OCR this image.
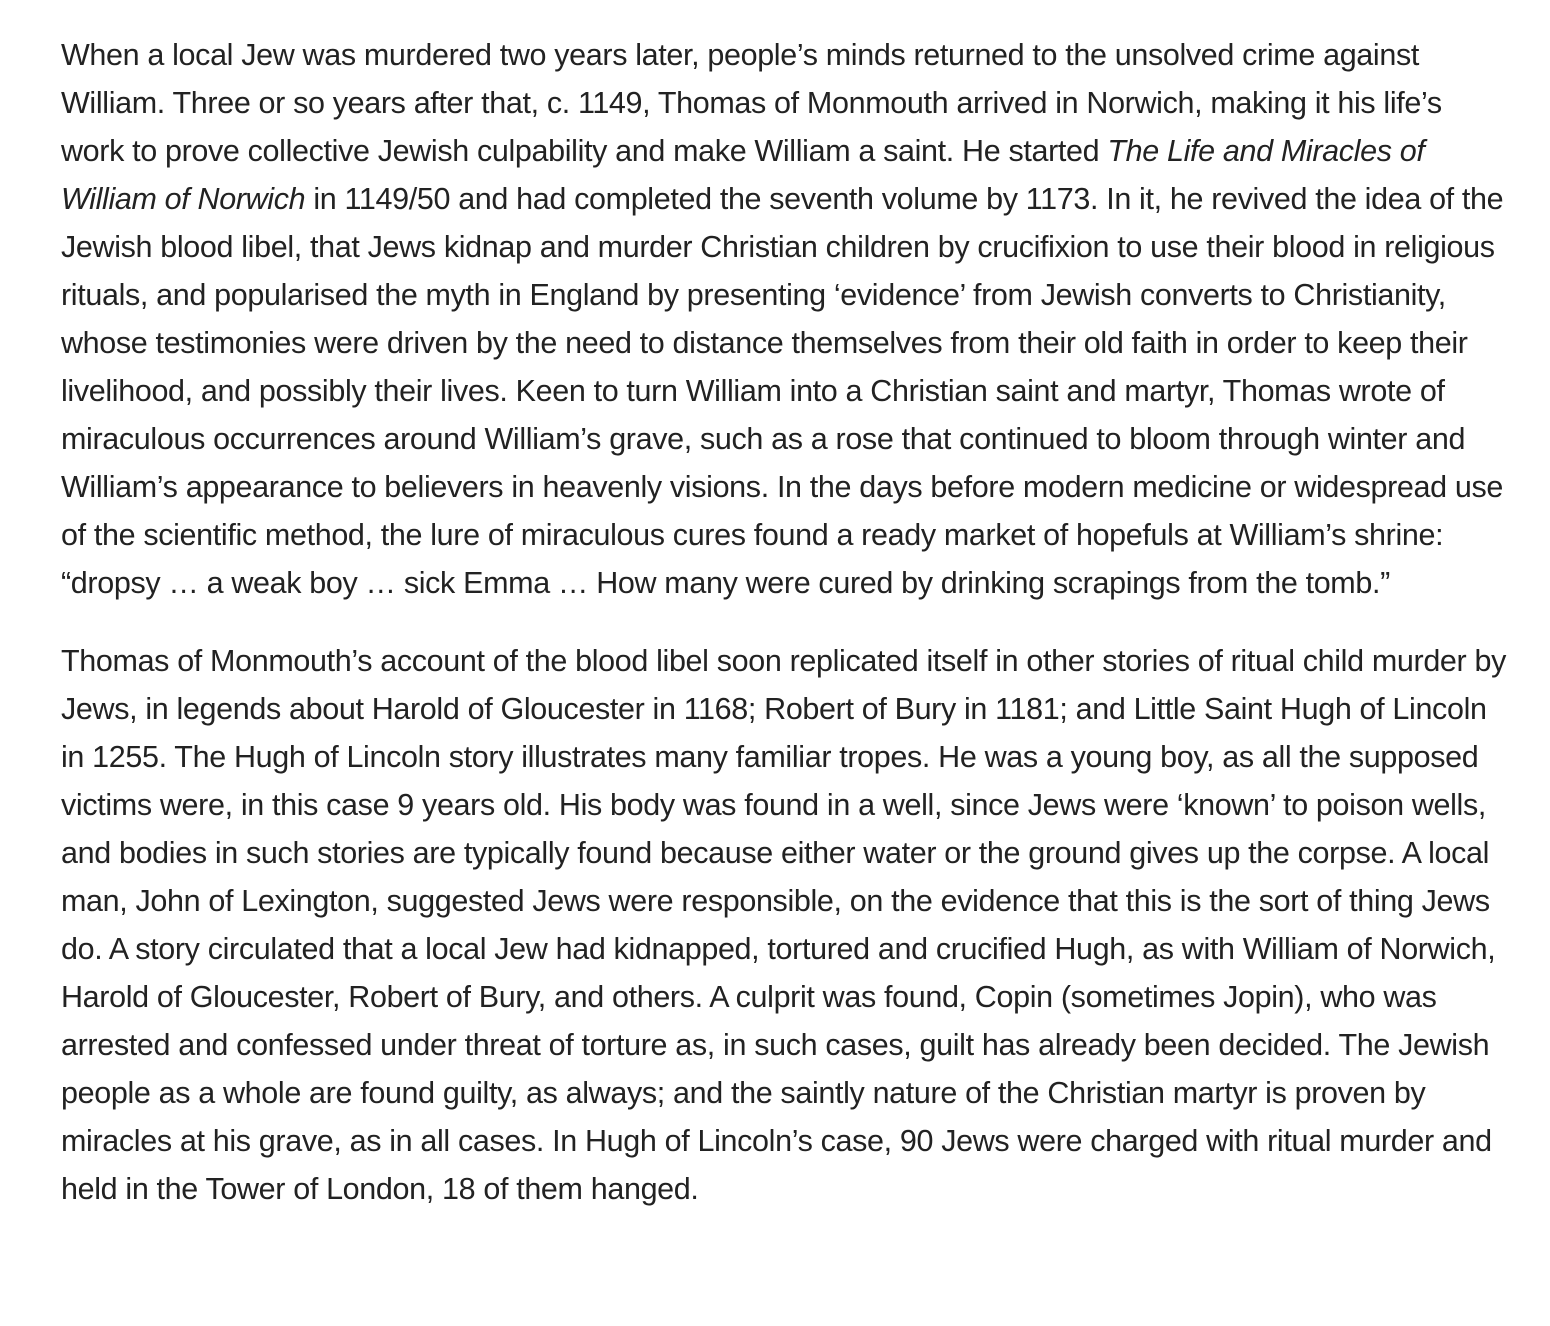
When a local Jew was murdered two years later, people’s minds returned to the unsolved crime against William. Three or so years after that, c. 1149, Thomas of Monmouth arrived in Norwich, making it his life’s work to prove collective Jewish culpability and make William a saint. He started The Life and Miracles of William of Norwich in 1149/50 and had completed the seventh volume by 1173. In it, he revived the idea of the Jewish blood libel, that Jews kidnap and murder Christian children by crucifixion to use their blood in religious rituals, and popularised the myth in England by presenting ‘evidence’ from Jewish converts to Christianity, whose testimonies were driven by the need to distance themselves from their old faith in order to keep their livelihood, and possibly their lives. Keen to turn William into a Christian saint and martyr, Thomas wrote of miraculous occurrences around William’s grave, such as a rose that continued to bloom through winter and William’s appearance to believers in heavenly visions. In the days before modern medicine or widespread use of the scientific method, the lure of miraculous cures found a ready market of hopefuls at William’s shrine: “dropsy … a weak boy … sick Emma … How many were cured by drinking scrapings from the tomb.”

Thomas of Monmouth’s account of the blood libel soon replicated itself in other stories of ritual child murder by Jews, in legends about Harold of Gloucester in 1168; Robert of Bury in 1181; and Little Saint Hugh of Lincoln in 1255. The Hugh of Lincoln story illustrates many familiar tropes. He was a young boy, as all the supposed victims were, in this case 9 years old. His body was found in a well, since Jews were ‘known’ to poison wells, and bodies in such stories are typically found because either water or the ground gives up the corpse. A local man, John of Lexington, suggested Jews were responsible, on the evidence that this is the sort of thing Jews do. A story circulated that a local Jew had kidnapped, tortured and crucified Hugh, as with William of Norwich, Harold of Gloucester, Robert of Bury, and others. A culprit was found, Copin (sometimes Jopin), who was arrested and confessed under threat of torture as, in such cases, guilt has already been decided. The Jewish people as a whole are found guilty, as always; and the saintly nature of the Christian martyr is proven by miracles at his grave, as in all cases. In Hugh of Lincoln’s case, 90 Jews were charged with ritual murder and held in the Tower of London, 18 of them hanged.
